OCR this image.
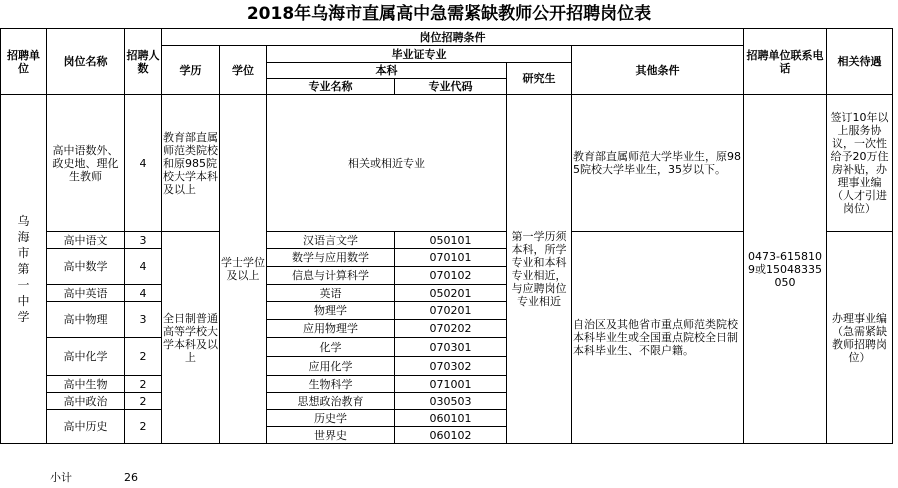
2018年乌海市直属高中急需紧缺教师公开招聘岗位表
招聘单位	岗位名称	招聘人数	岗位招聘条件						招聘单位联系电话	相关待遇
			学历	学位	毕业证专业			其他条件		
					本科		研究生			
					专业名称	专业代码				

乌海市第一中学	高中语数外、政史地、理化生教师	4	教育部直属师范类院校和原985院校大学本科及以上	学士学位及以上	相关或相近专业		第一学历须本科，所学专业和本科专业相近，与应聘岗位专业相近	教育部直属师范大学毕业生，原985院校大学毕业生，35岁以下。	0473-6158109或15048335050	签订10年以上服务协议，一次性给予20万住房补贴，办理事业编（人才引进岗位）
	高中语文	3	全日制普通高等学校大学本科及以上		汉语言文学	050101		自治区及其他省市重点师范类院校本科毕业生或全国重点院校全日制本科毕业生、不限户籍。		办理事业编（急需紧缺教师招聘岗位）
	高中数学	4			数学与应用数学	070101				
					信息与计算科学	070102				
	高中英语	4			英语	050201				
	高中物理	3			物理学	070201				
					应用物理学	070202				
	高中化学	2			化学	070301				
					应用化学	070302				
	高中生物	2			生物科学	071001				
	高中政治	2			思想政治教育	030503				
	高中历史	2			历史学	060101				
					世界史	060102				
小计	26
